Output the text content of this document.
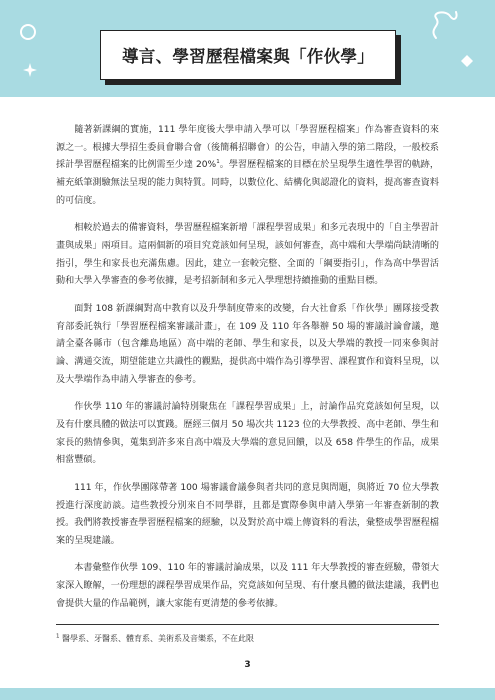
導言、學習歷程檔案與「作伙學」

隨著新課綱的實施，111 學年度後大學申請入學可以「學習歷程檔案」作為審查資料的來源之一。根據大學招生委員會聯合會（後簡稱招聯會）的公告，申請入學的第二階段，一般校系採計學習歷程檔案的比例需至少達 20%$^1$。學習歷程檔案的目標在於呈現學生適性學習的軌跡，補充紙筆測驗無法呈現的能力與特質。同時，以數位化、結構化與認證化的資料，提高審查資料的可信度。

相較於過去的備審資料，學習歷程檔案新增「課程學習成果」和多元表現中的「自主學習計畫與成果」兩項目。這兩個新的項目究竟該如何呈現，該如何審查，高中端和大學端尚缺清晰的指引，學生和家長也充滿焦慮。因此，建立一套較完整、全面的「綱要指引」，作為高中學習活動和大學入學審查的參考依據，是考招新制和多元入學理想持續推動的重點目標。

面對 108 新課綱對高中教育以及升學制度帶來的改變，台大社會系「作伙學」團隊接受教育部委託執行「學習歷程檔案審議計畫」，在 109 及 110 年各舉辦 50 場的審議討論會議，邀請全臺各縣市（包含離島地區）高中端的老師、學生和家長，以及大學端的教授一同來參與討論、溝通交流，期望能建立共識性的觀點，提供高中端作為引導學習、課程實作和資料呈現，以及大學端作為申請入學審查的參考。

作伙學 110 年的審議討論特別聚焦在「課程學習成果」上，討論作品究竟該如何呈現，以及有什麼具體的做法可以實踐。歷經三個月 50 場次共 1123 位的大學教授、高中老師、學生和家長的熱情參與，蒐集到許多來自高中端及大學端的意見回饋，以及 658 件學生的作品，成果相當豐碩。

111 年，作伙學團隊帶著 100 場審議會議參與者共同的意見與問題，與將近 70 位大學教授進行深度訪談。這些教授分別來自不同學群，且都是實際參與申請入學第一年審查新制的教授。我們將教授審查學習歷程檔案的經驗，以及對於高中端上傳資料的看法，彙整成學習歷程檔案的呈現建議。

本書彙整作伙學 109、110 年的審議討論成果，以及 111 年大學教授的審查經驗，帶領大家深入瞭解，一份理想的課程學習成果作品，究竟該如何呈現、有什麼具體的做法建議，我們也會提供大量的作品範例，讓大家能有更清楚的參考依據。

$^1$ 醫學系、牙醫系、體育系、美術系及音樂系，不在此限
3
